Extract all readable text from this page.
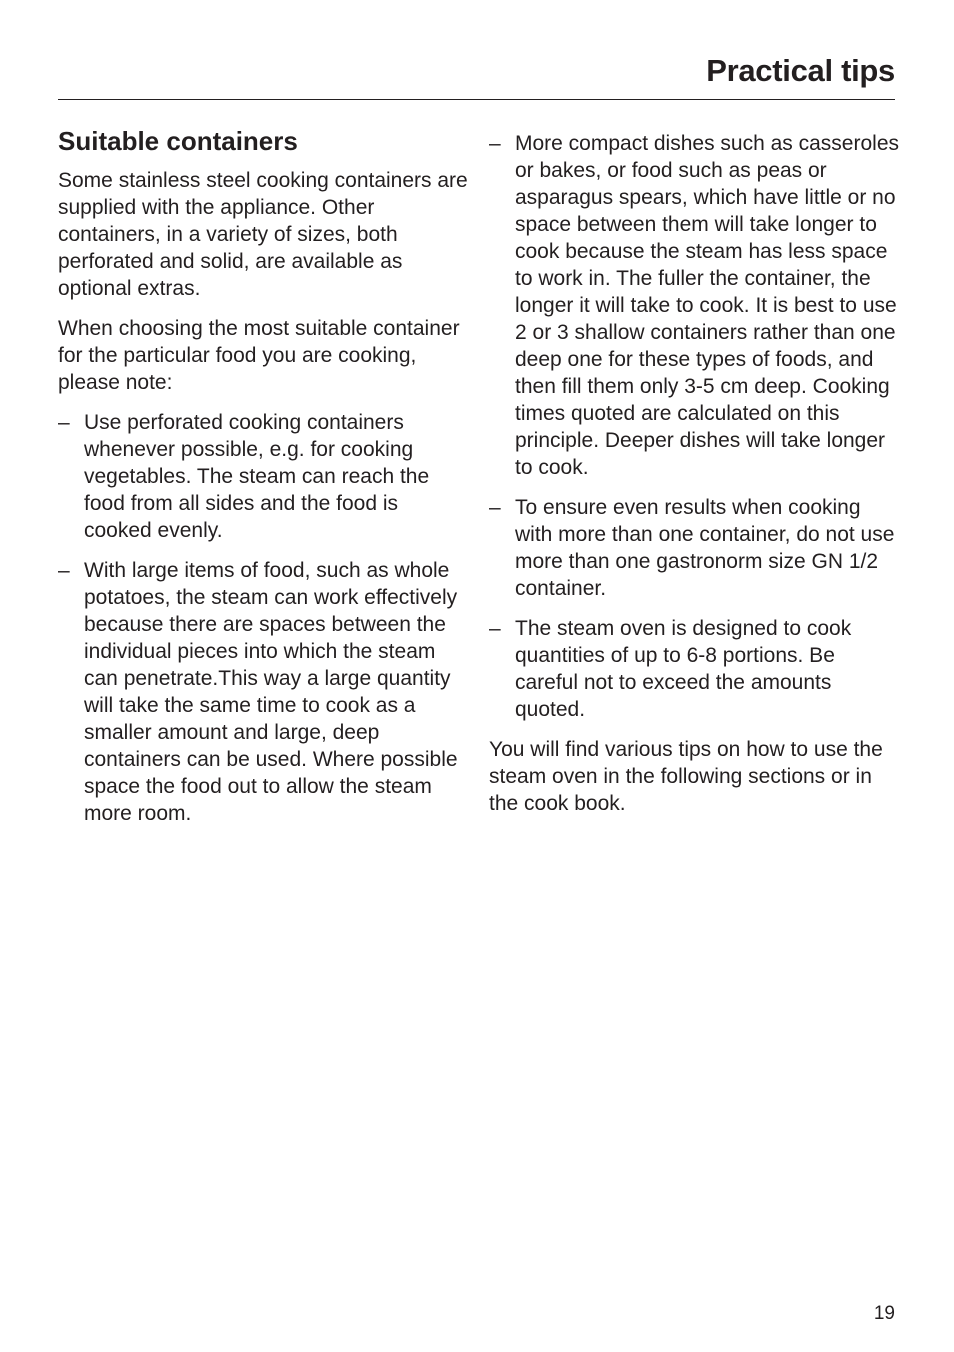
Practical tips
Suitable containers

Some stainless steel cooking containers are supplied with the appliance. Other containers, in a variety of sizes, both perforated and solid, are available as optional extras.

When choosing the most suitable container for the particular food you are cooking, please note:

– Use perforated cooking containers whenever possible, e.g. for cooking vegetables. The steam can reach the food from all sides and the food is cooked evenly.
– With large items of food, such as whole potatoes, the steam can work effectively because there are spaces between the individual pieces into which the steam can penetrate.This way a large quantity will take the same time to cook as a smaller amount and large, deep containers can be used. Where possible space the food out to allow the steam more room.
– More compact dishes such as casseroles or bakes, or food such as peas or asparagus spears, which have little or no space between them will take longer to cook because the steam has less space to work in. The fuller the container, the longer it will take to cook. It is best to use 2 or 3 shallow containers rather than one deep one for these types of foods, and then fill them only 3-5 cm deep. Cooking times quoted are calculated on this principle. Deeper dishes will take longer to cook.
– To ensure even results when cooking with more than one container, do not use more than one gastronorm size GN 1/2 container.
– The steam oven is designed to cook quantities of up to 6-8 portions. Be careful not to exceed the amounts quoted.

You will find various tips on how to use the steam oven in the following sections or in the cook book.

19
